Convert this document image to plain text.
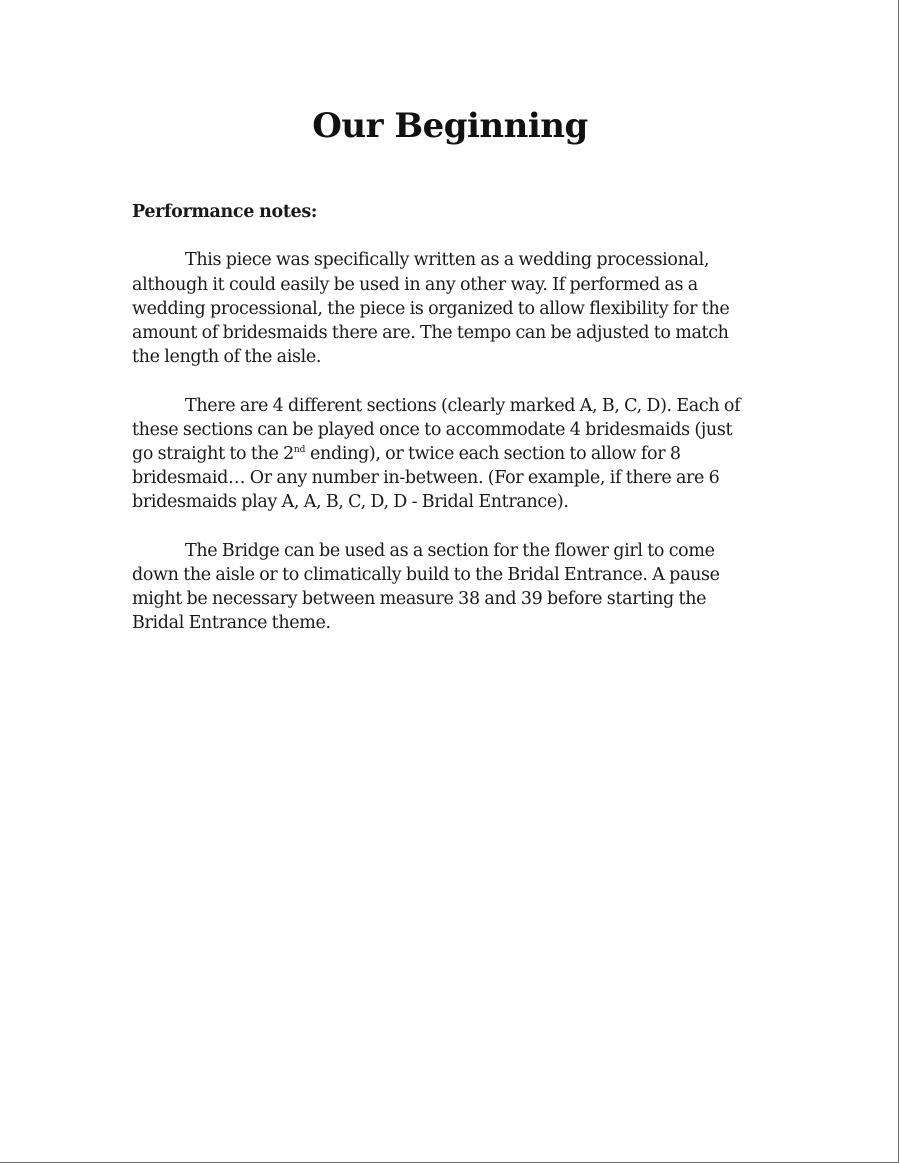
Our Beginning
Performance notes:
This piece was specifically written as a wedding processional,
although it could easily be used in any other way. If performed as a
wedding processional, the piece is organized to allow flexibility for the
amount of bridesmaids there are. The tempo can be adjusted to match
the length of the aisle.
There are 4 different sections (clearly marked A, B, C, D). Each of
these sections can be played once to accommodate 4 bridesmaids (just
go straight to the 2nd ending), or twice each section to allow for 8
bridesmaid… Or any number in-between. (For example, if there are 6
bridesmaids play A, A, B, C, D, D - Bridal Entrance).
The Bridge can be used as a section for the flower girl to come
down the aisle or to climatically build to the Bridal Entrance. A pause
might be necessary between measure 38 and 39 before starting the
Bridal Entrance theme.
